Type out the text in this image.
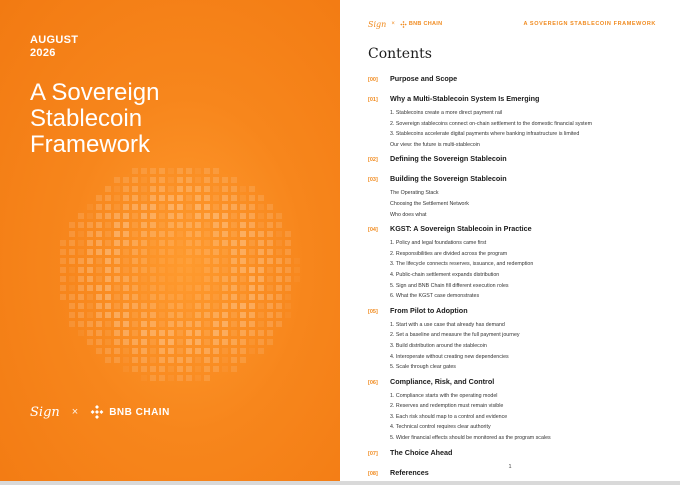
AUGUST
2026
A Sovereign
Stablecoin
Framework
Sign ×	BNB CHAIN
Sign ×	BNB CHAIN	A SOVEREIGN STABLECOIN FRAMEWORK
Contents
[00]	Purpose and Scope
[01]	Why a Multi-Stablecoin System Is Emerging
1. Stablecoins create a more direct payment rail
2. Sovereign stablecoins connect on-chain settlement to the domestic financial system
3. Stablecoins accelerate digital payments where banking infrastructure is limited
Our view: the future is multi-stablecoin
[02]	Defining the Sovereign Stablecoin
[03]	Building the Sovereign Stablecoin
The Operating Stack
Choosing the Settlement Network
Who does what
[04]	KGST: A Sovereign Stablecoin in Practice
1. Policy and legal foundations came first
2. Responsibilities are divided across the program
3. The lifecycle connects reserves, issuance, and redemption
4. Public-chain settlement expands distribution
5. Sign and BNB Chain fill different execution roles
6. What the KGST case demonstrates
[05]	From Pilot to Adoption
1. Start with a use case that already has demand
2. Set a baseline and measure the full payment journey
3. Build distribution around the stablecoin
4. Interoperate without creating new dependencies
5. Scale through clear gates
[06]	Compliance, Risk, and Control
1. Compliance starts with the operating model
2. Reserves and redemption must remain visible
3. Each risk should map to a control and evidence
4. Technical control requires clear authority
5. Wider financial effects should be monitored as the program scales
[07]	The Choice Ahead
[08]	References
1
